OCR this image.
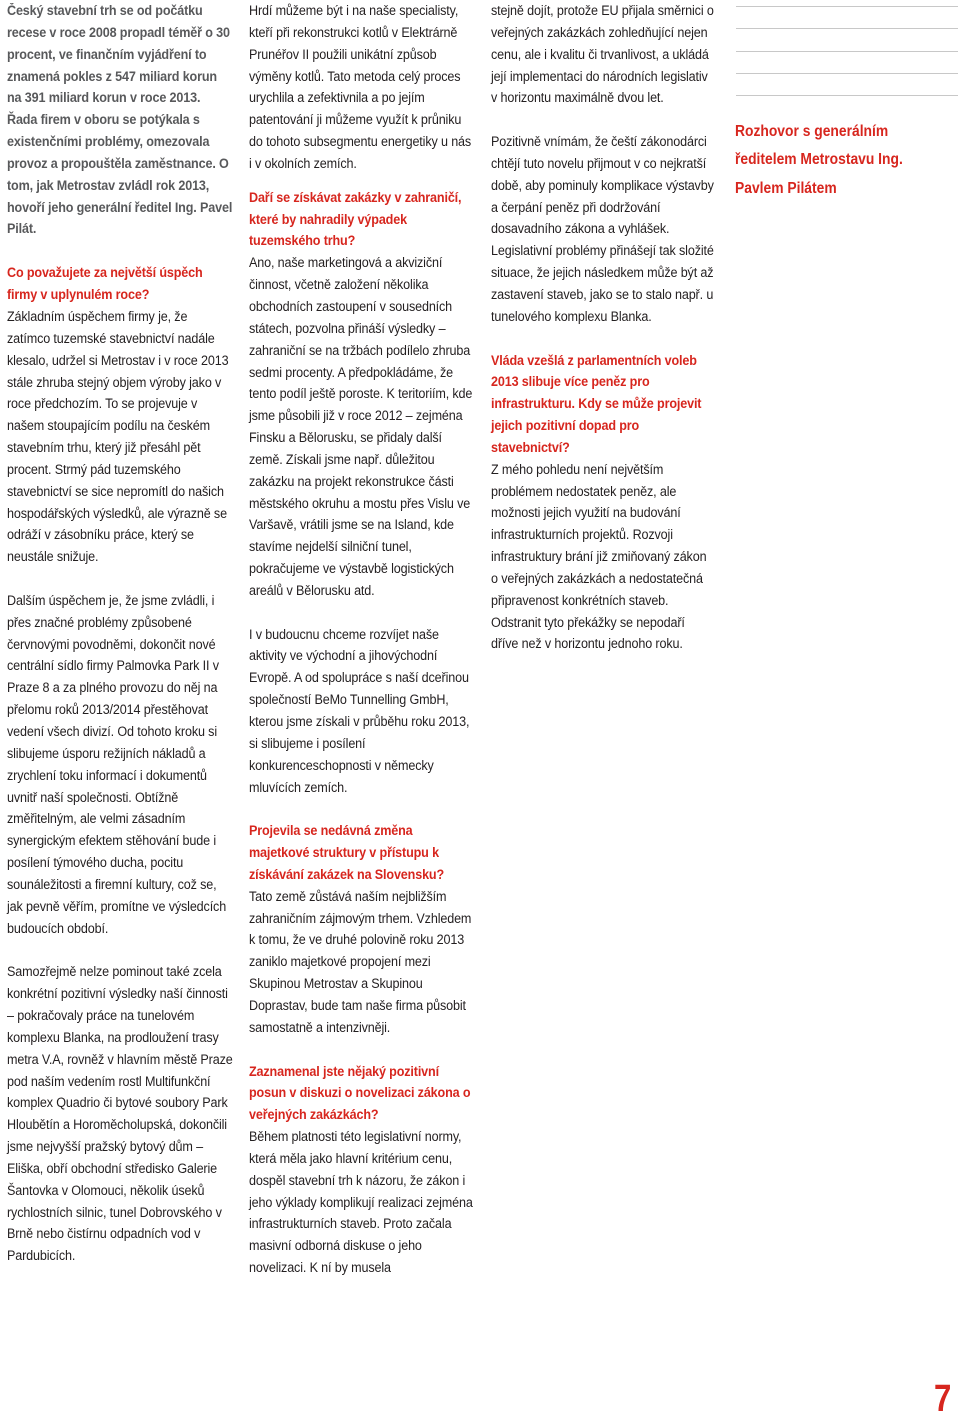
Český stavební trh se od počátku recese v roce 2008 propadl téměř o 30 procent, ve finančním vyjádření to znamená pokles z 547 miliard korun na 391 miliard korun v roce 2013. Řada firem v oboru se potýkala s existenčními problémy, omezovala provoz a propouštěla zaměstnance. O tom, jak Metrostav zvládl rok 2013, hovoří jeho generální ředitel Ing. Pavel Pilát.

Co považujete za největší úspěch firmy v uplynulém roce?

Základním úspěchem firmy je, že zatímco tuzemské stavebnictví nadále klesalo, udržel si Metrostav i v roce 2013 stále zhruba stejný objem výroby jako v roce předchozím. To se projevuje v našem stoupajícím podílu na českém stavebním trhu, který již přesáhl pět procent. Strmý pád tuzemského stavebnictví se sice nepromítl do našich hospodářských výsledků, ale výrazně se odráží v zásobníku práce, který se neustále snižuje.

Dalším úspěchem je, že jsme zvládli, i přes značné problémy způsobené červnovými povodněmi, dokončit nové centrální sídlo firmy Palmovka Park II v Praze 8 a za plného provozu do něj na přelomu roků 2013/2014 přestěhovat vedení všech divizí. Od tohoto kroku si slibujeme úsporu režijních nákladů a zrychlení toku informací i dokumentů uvnitř naší společnosti. Obtížně změřitelným, ale velmi zásadním synergickým efektem stěhování bude i posílení týmového ducha, pocitu sounáležitosti a firemní kultury, což se, jak pevně věřím, promítne ve výsledcích budoucích období.

Samozřejmě nelze pominout také zcela konkrétní pozitivní výsledky naší činnosti – pokračovaly práce na tunelovém komplexu Blanka, na prodloužení trasy metra V.A, rovněž v hlavním městě Praze pod naším vedením rostl Multifunkční komplex Quadrio či bytové soubory Park Hloubětín a Horoměcholupská, dokončili jsme nejvyšší pražský bytový dům – Eliška, obří obchodní středisko Galerie Šantovka v Olomouci, několik úseků rychlostních silnic, tunel Dobrovského v Brně nebo čistírnu odpadních vod v Pardubicích.

Hrdí můžeme být i na naše specialisty, kteří při rekonstrukci kotlů v Elektrárně Prunéřov II použili unikátní způsob výměny kotlů. Tato metoda celý proces urychlila a zefektivnila a po jejím patentování ji můžeme využít k průniku do tohoto subsegmentu energetiky u nás i v okolních zemích.

Daří se získávat zakázky v zahraničí, které by nahradily výpadek tuzemského trhu?

Ano, naše marketingová a akviziční činnost, včetně založení několika obchodních zastoupení v sousedních státech, pozvolna přináší výsledky – zahraniční se na tržbách podílelo zhruba sedmi procenty. A předpokládáme, že tento podíl ještě poroste. K teritoriím, kde jsme působili již v roce 2012 – zejména Finsku a Bělorusku, se přidaly další země. Získali jsme např. důležitou zakázku na projekt rekonstrukce části městského okruhu a mostu přes Vislu ve Varšavě, vrátili jsme se na Island, kde stavíme nejdelší silniční tunel, pokračujeme ve výstavbě logistických areálů v Bělorusku atd.

I v budoucnu chceme rozvíjet naše aktivity ve východní a jihovýchodní Evropě. A od spolupráce s naší dceřinou společností BeMo Tunnelling GmbH, kterou jsme získali v průběhu roku 2013, si slibujeme i posílení konkurenceschopnosti v německy mluvících zemích.

Projevila se nedávná změna majetkové struktury v přístupu k získávání zakázek na Slovensku?

Tato země zůstává naším nejbližším zahraničním zájmovým trhem. Vzhledem k tomu, že ve druhé polovině roku 2013 zaniklo majetkové propojení mezi Skupinou Metrostav a Skupinou Doprastav, bude tam naše firma působit samostatně a intenzivněji.

Zaznamenal jste nějaký pozitivní posun v diskuzi o novelizaci zákona o veřejných zakázkách?

Během platnosti této legislativní normy, která měla jako hlavní kritérium cenu, dospěl stavební trh k názoru, že zákon i jeho výklady komplikují realizaci zejména infrastrukturních staveb. Proto začala masivní odborná diskuse o jeho novelizaci. K ní by musela

stejně dojít, protože EU přijala směrnici o veřejných zakázkách zohledňující nejen cenu, ale i kvalitu či trvanlivost, a ukládá její implementaci do národních legislativ v horizontu maximálně dvou let.

Pozitivně vnímám, že čeští zákonodárci chtějí tuto novelu přijmout v co nejkratší době, aby pominuly komplikace výstavby a čerpání peněz při dodržování dosavadního zákona a vyhlášek. Legislativní problémy přinášejí tak složité situace, že jejich následkem může být až zastavení staveb, jako se to stalo např. u tunelového komplexu Blanka.

Vláda vzešlá z parlamentních voleb 2013 slibuje více peněz pro infrastrukturu. Kdy se může projevit jejich pozitivní dopad pro stavebnictví?

Z mého pohledu není největším problémem nedostatek peněz, ale možnosti jejich využití na budování infrastrukturních projektů. Rozvoji infrastruktury brání již zmiňovaný zákon o veřejných zakázkách a nedostatečná připravenost konkrétních staveb. Odstranit tyto překážky se nepodaří dříve než v horizontu jednoho roku.

Rozhovor s generálním ředitelem Metrostavu Ing. Pavlem Pilátem
7
